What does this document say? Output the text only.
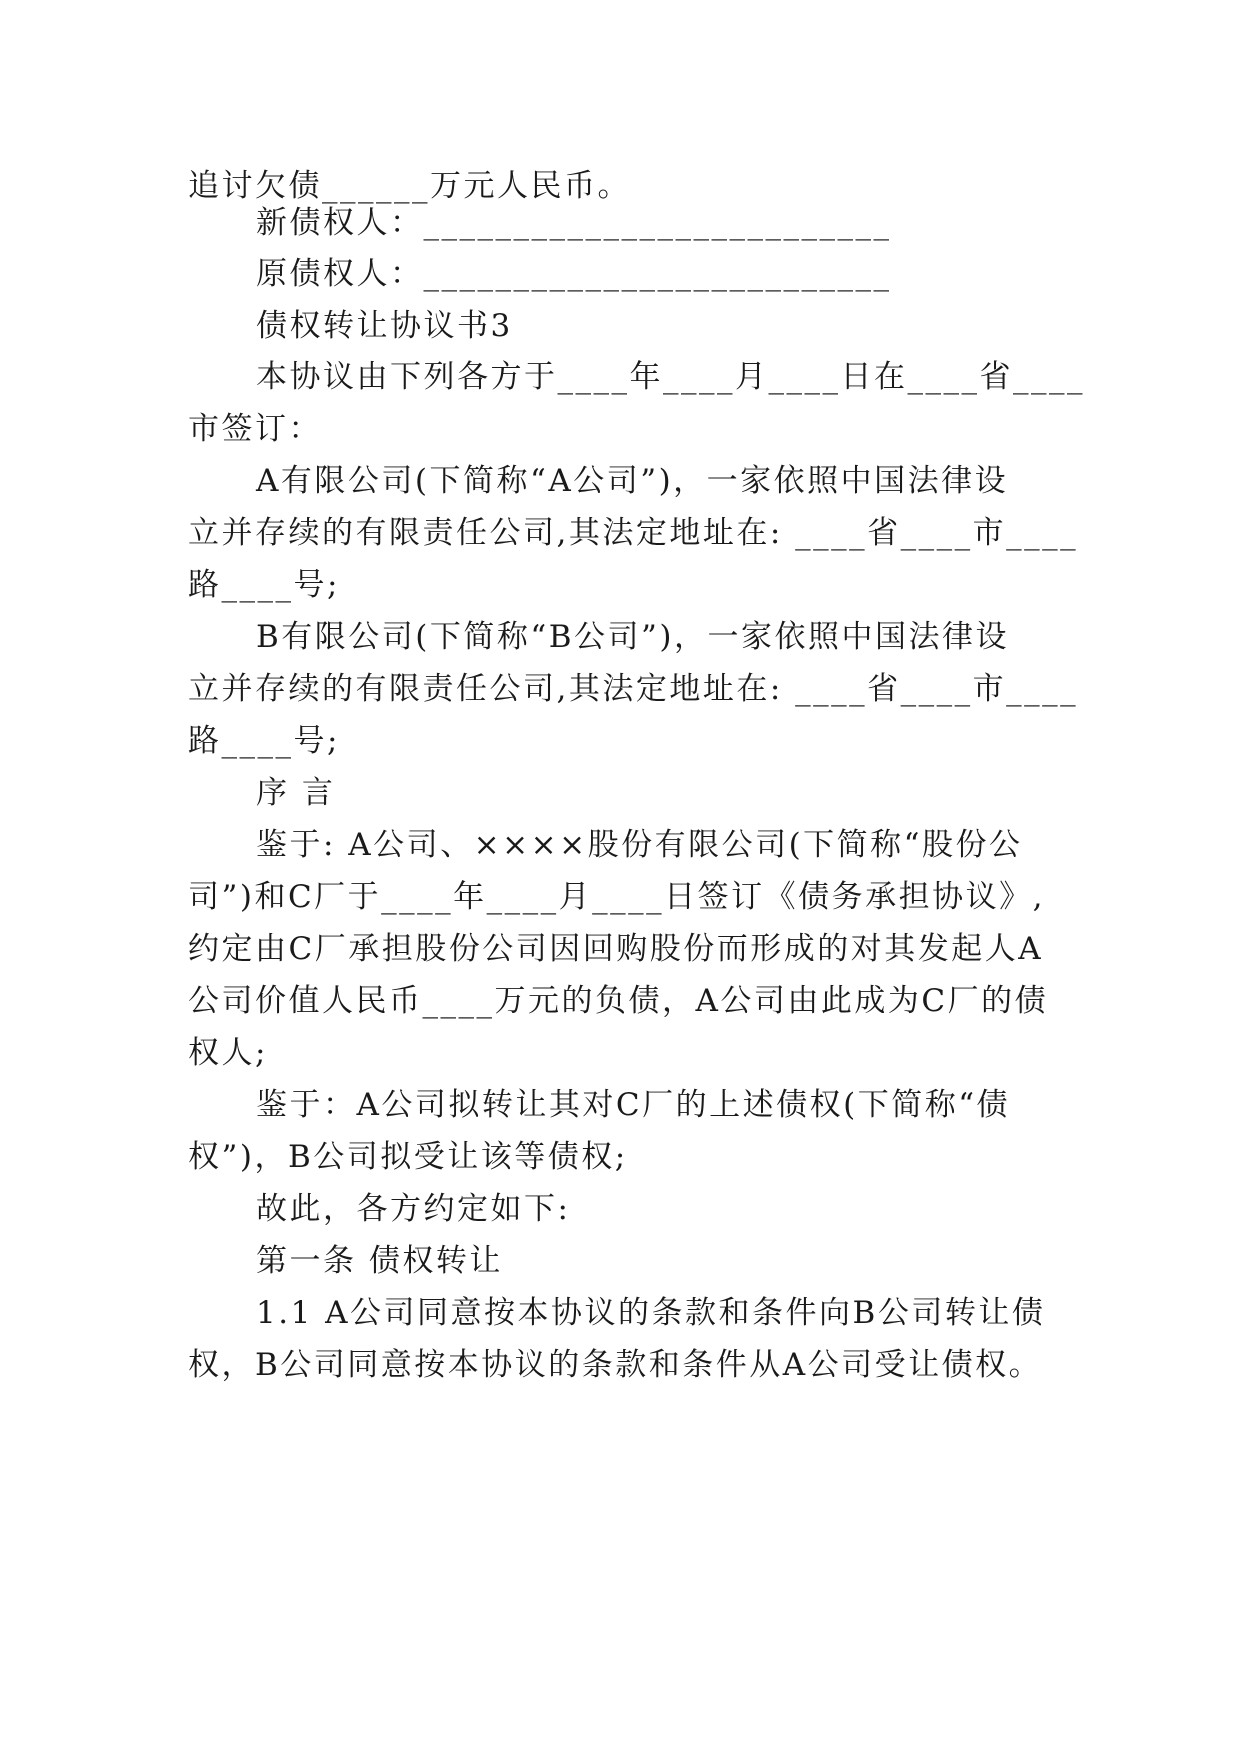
追讨欠债______万元人民币。
新债权人：__________________________
原债权人：__________________________
债权转让协议书3
本协议由下列各方于____年____月____日在____省____
市签订：
A有限公司(下简称“A公司”)，一家依照中国法律设
立并存续的有限责任公司,其法定地址在: ____省____市____
路____号;
B有限公司(下简称“B公司”)，一家依照中国法律设
立并存续的有限责任公司,其法定地址在: ____省____市____
路____号;
序 言
鉴于: A公司、××××股份有限公司(下简称“股份公
司”)和C厂于____年____月____日签订《债务承担协议》,
约定由C厂承担股份公司因回购股份而形成的对其发起人A
公司价值人民币____万元的负债，A公司由此成为C厂的债
权人;
鉴于：A公司拟转让其对C厂的上述债权(下简称“债
权”)，B公司拟受让该等债权;
故此，各方约定如下:
第一条 债权转让
1.1 A公司同意按本协议的条款和条件向B公司转让债
权，B公司同意按本协议的条款和条件从A公司受让债权。
